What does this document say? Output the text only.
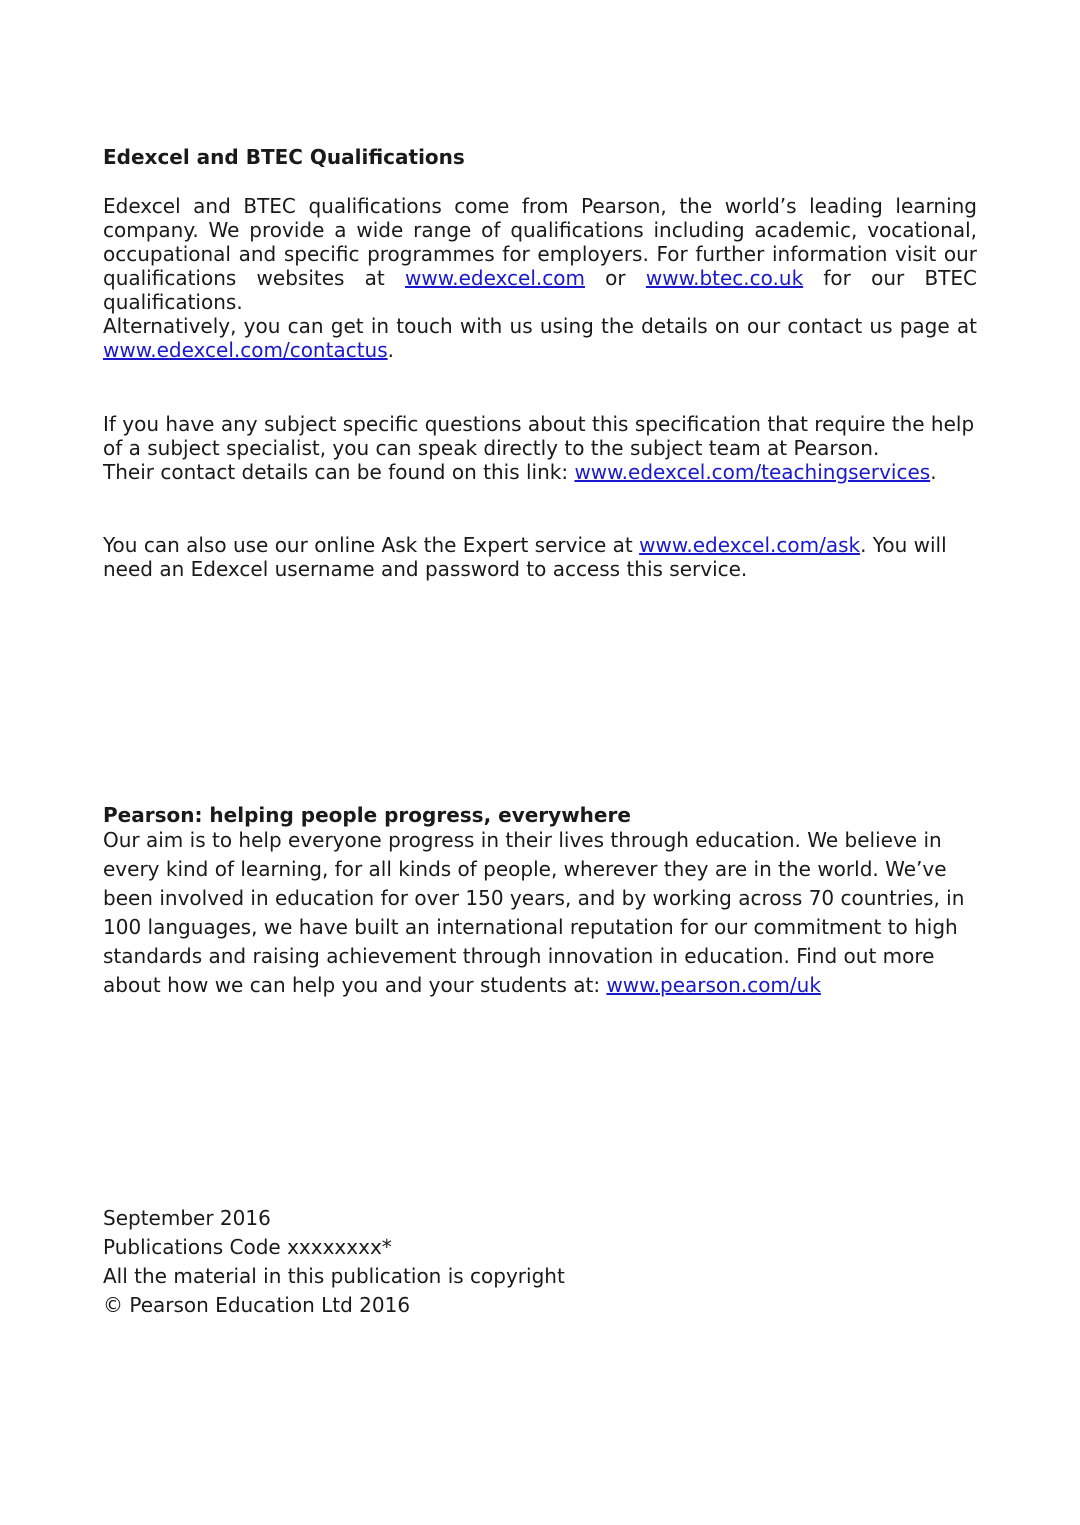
Edexcel and BTEC Qualifications
Edexcel and BTEC qualifications come from Pearson, the world’s leading learning company. We provide a wide range of qualifications including academic, vocational, occupational and specific programmes for employers. For further information visit our qualifications websites at www.edexcel.com or www.btec.co.uk for our BTEC qualifications.
Alternatively, you can get in touch with us using the details on our contact us page at www.edexcel.com/contactus.
If you have any subject specific questions about this specification that require the help of a subject specialist, you can speak directly to the subject team at Pearson.
Their contact details can be found on this link: www.edexcel.com/teachingservices.
You can also use our online Ask the Expert service at www.edexcel.com/ask. You will need an Edexcel username and password to access this service.
Pearson: helping people progress, everywhere
Our aim is to help everyone progress in their lives through education. We believe in every kind of learning, for all kinds of people, wherever they are in the world. We’ve been involved in education for over 150 years, and by working across 70 countries, in 100 languages, we have built an international reputation for our commitment to high standards and raising achievement through innovation in education. Find out more about how we can help you and your students at: www.pearson.com/uk
September 2016
Publications Code xxxxxxxx*
All the material in this publication is copyright
© Pearson Education Ltd 2016
